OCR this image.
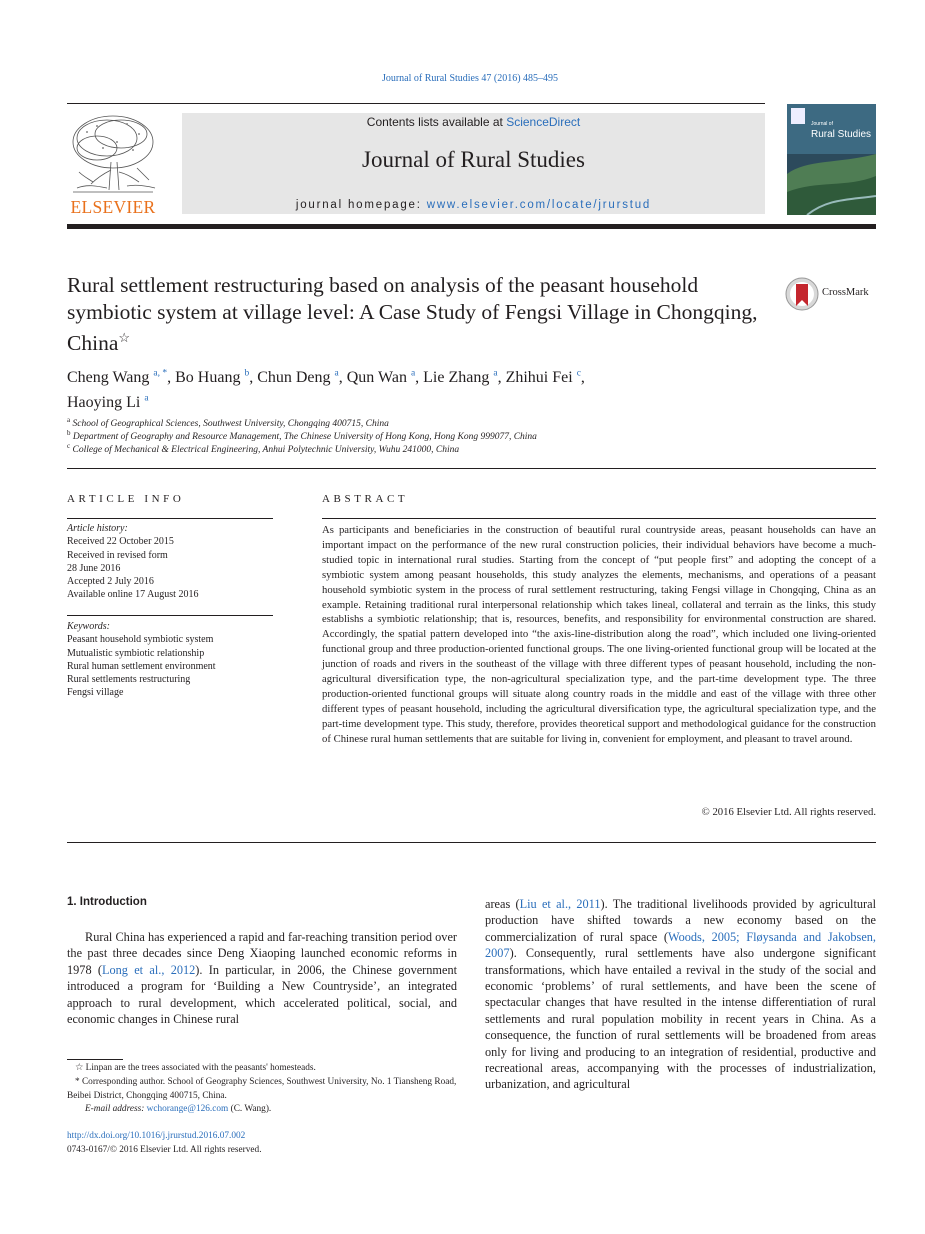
Journal of Rural Studies 47 (2016) 485–495
ELSEVIER
Contents lists available at ScienceDirect
Journal of Rural Studies
journal homepage: www.elsevier.com/locate/jrurstud
Journal of
Rural Studies
Rural settlement restructuring based on analysis of the peasant household symbiotic system at village level: A Case Study of Fengsi Village in Chongqing, China☆
CrossMark
Cheng Wang $^{a, *}$, Bo Huang $^b$, Chun Deng $^a$, Qun Wan $^a$, Lie Zhang $^a$, Zhihui Fei $^c$,
Haoying Li $^a$
$^a$ School of Geographical Sciences, Southwest University, Chongqing 400715, China
$^b$ Department of Geography and Resource Management, The Chinese University of Hong Kong, Hong Kong 999077, China
$^c$ College of Mechanical & Electrical Engineering, Anhui Polytechnic University, Wuhu 241000, China
ARTICLE INFO
Article history:
Received 22 October 2015
Received in revised form
28 June 2016
Accepted 2 July 2016
Available online 17 August 2016
Keywords:
Peasant household symbiotic system
Mutualistic symbiotic relationship
Rural human settlement environment
Rural settlements restructuring
Fengsi village
ABSTRACT
As participants and beneficiaries in the construction of beautiful rural countryside areas, peasant households can have an important impact on the performance of the new rural construction policies, their individual behaviors have become a much-studied topic in international rural studies. Starting from the concept of “put people first” and adopting the concept of a symbiotic system among peasant households, this study analyzes the elements, mechanisms, and operations of a peasant household symbiotic system in the process of rural settlement restructuring, taking Fengsi village in Chongqing, China as an example. Retaining traditional rural interpersonal relationship which takes lineal, collateral and terrain as the links, this study establishs a symbiotic relationship; that is, resources, benefits, and responsibility for environmental construction are shared. Accordingly, the spatial pattern developed into “the axis-line-distribution along the road”, which included one living-oriented functional group and three production-oriented functional groups. The one living-oriented functional group will be located at the junction of roads and rivers in the southeast of the village with three different types of peasant household, including the non-agricultural diversification type, the non-agricultural specialization type, and the part-time development type. The three production-oriented functional groups will situate along country roads in the middle and east of the village with three other different types of peasant household, including the agricultural diversification type, the agricultural specialization type, and the part-time development type. This study, therefore, provides theoretical support and methodological guidance for the construction of Chinese rural human settlements that are suitable for living in, convenient for employment, and pleasant to travel around.
© 2016 Elsevier Ltd. All rights reserved.
1. Introduction
Rural China has experienced a rapid and far-reaching transition period over the past three decades since Deng Xiaoping launched economic reforms in 1978 (Long et al., 2012). In particular, in 2006, the Chinese government introduced a program for ‘Building a New Countryside’, an integrated approach to rural development, which accelerated political, social, and economic changes in Chinese rural
areas (Liu et al., 2011). The traditional livelihoods provided by agricultural production have shifted towards a new economy based on the commercialization of rural space (Woods, 2005; Fløysanda and Jakobsen, 2007). Consequently, rural settlements have also undergone significant transformations, which have entailed a revival in the study of the social and economic ‘problems’ of rural settlements, and have been the scene of spectacular changes that have resulted in the intense differentiation of rural settlements and rural population mobility in recent years in China. As a consequence, the function of rural settlements will be broadened from areas only for living and producing to an integration of residential, productive and recreational areas, accompanying with the processes of industrialization, urbanization, and agricultural
☆ Linpan are the trees associated with the peasants' homesteads.
* Corresponding author. School of Geography Sciences, Southwest University, No. 1 Tiansheng Road, Beibei District, Chongqing 400715, China.
E-mail address: wchorange@126.com (C. Wang).
http://dx.doi.org/10.1016/j.jrurstud.2016.07.002
0743-0167/© 2016 Elsevier Ltd. All rights reserved.
